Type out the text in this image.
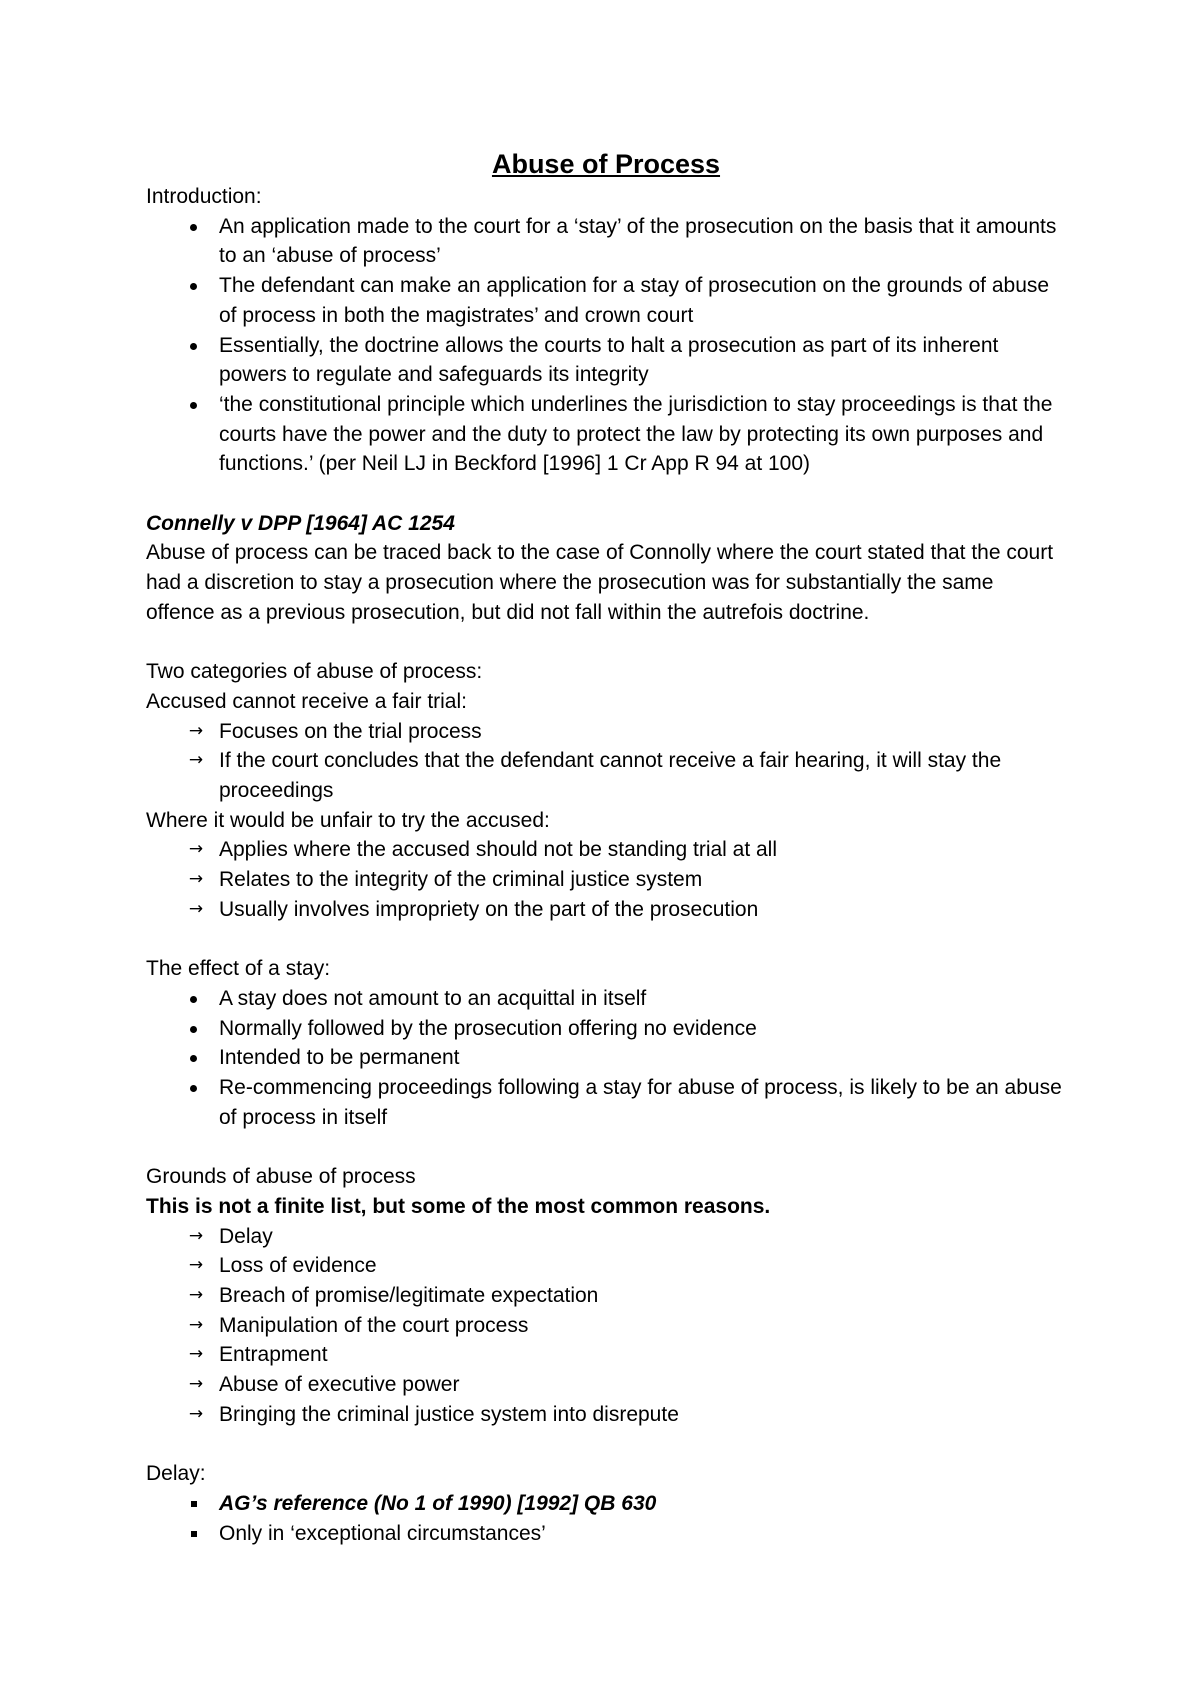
Abuse of Process

Introduction:

An application made to the court for a ‘stay’ of the prosecution on the basis that it amounts to an ‘abuse of process’
The defendant can make an application for a stay of prosecution on the grounds of abuse of process in both the magistrates’ and crown court
Essentially, the doctrine allows the courts to halt a prosecution as part of its inherent powers to regulate and safeguards its integrity
‘the constitutional principle which underlines the jurisdiction to stay proceedings is that the courts have the power and the duty to protect the law by protecting its own purposes and functions.’ (per Neil LJ in Beckford [1996] 1 Cr App R 94 at 100)

Connelly v DPP [1964] AC 1254

Abuse of process can be traced back to the case of Connolly where the court stated that the court had a discretion to stay a prosecution where the prosecution was for substantially the same offence as a previous prosecution, but did not fall within the autrefois doctrine.

Two categories of abuse of process:

Accused cannot receive a fair trial:

→ Focuses on the trial process
→ If the court concludes that the defendant cannot receive a fair hearing, it will stay the proceedings

Where it would be unfair to try the accused:

→ Applies where the accused should not be standing trial at all
→ Relates to the integrity of the criminal justice system
→ Usually involves impropriety on the part of the prosecution

The effect of a stay:

A stay does not amount to an acquittal in itself
Normally followed by the prosecution offering no evidence
Intended to be permanent
Re-commencing proceedings following a stay for abuse of process, is likely to be an abuse of process in itself

Grounds of abuse of process

This is not a finite list, but some of the most common reasons.

→ Delay
→ Loss of evidence
→ Breach of promise/legitimate expectation
→ Manipulation of the court process
→ Entrapment
→ Abuse of executive power
→ Bringing the criminal justice system into disrepute

Delay:

AG’s reference (No 1 of 1990) [1992] QB 630
Only in ‘exceptional circumstances’
